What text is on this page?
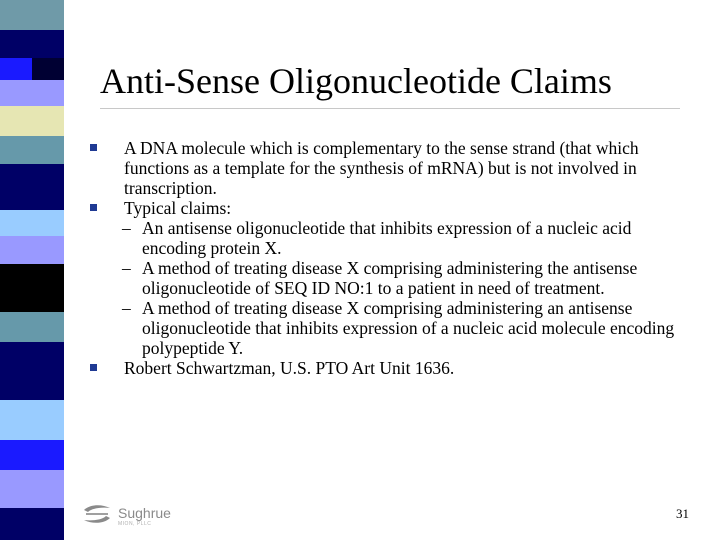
Anti-Sense Oligonucleotide Claims

A DNA molecule which is complementary to the sense strand (that which functions as a template for the synthesis of mRNA) but is not involved in transcription.

Typical claims:

– An antisense oligonucleotide that inhibits expression of a nucleic acid encoding protein X.

– A method of treating disease X comprising administering the antisense oligonucleotide of SEQ ID NO:1 to a patient in need of treatment.

– A method of treating disease X comprising administering an antisense oligonucleotide that inhibits expression of a nucleic acid molecule encoding polypeptide Y.

Robert Schwartzman, U.S. PTO Art Unit 1636.

Sughrue
MION, PLLC
31
